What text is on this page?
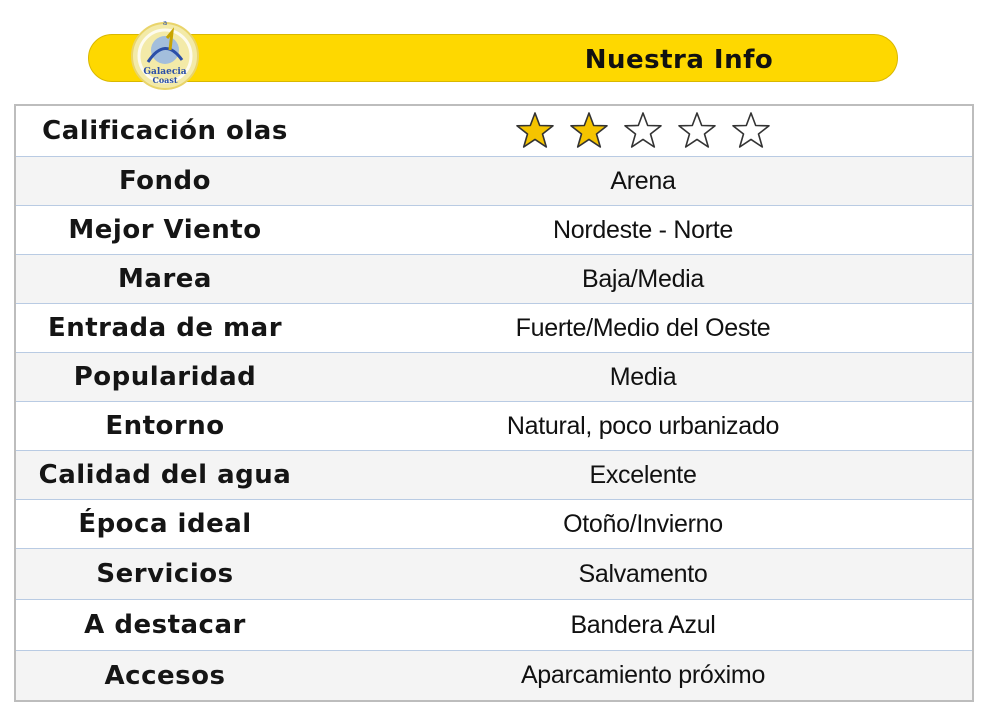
Nuestra Info
a
Galaecia
Coast
Calificación olas
Fondo	Arena
Mejor Viento	Nordeste - Norte
Marea	Baja/Media
Entrada de mar	Fuerte/Medio del Oeste
Popularidad	Media
Entorno	Natural, poco urbanizado
Calidad del agua	Excelente
Época ideal	Otoño/Invierno
Servicios	Salvamento
A destacar	Bandera Azul
Accesos	Aparcamiento próximo
